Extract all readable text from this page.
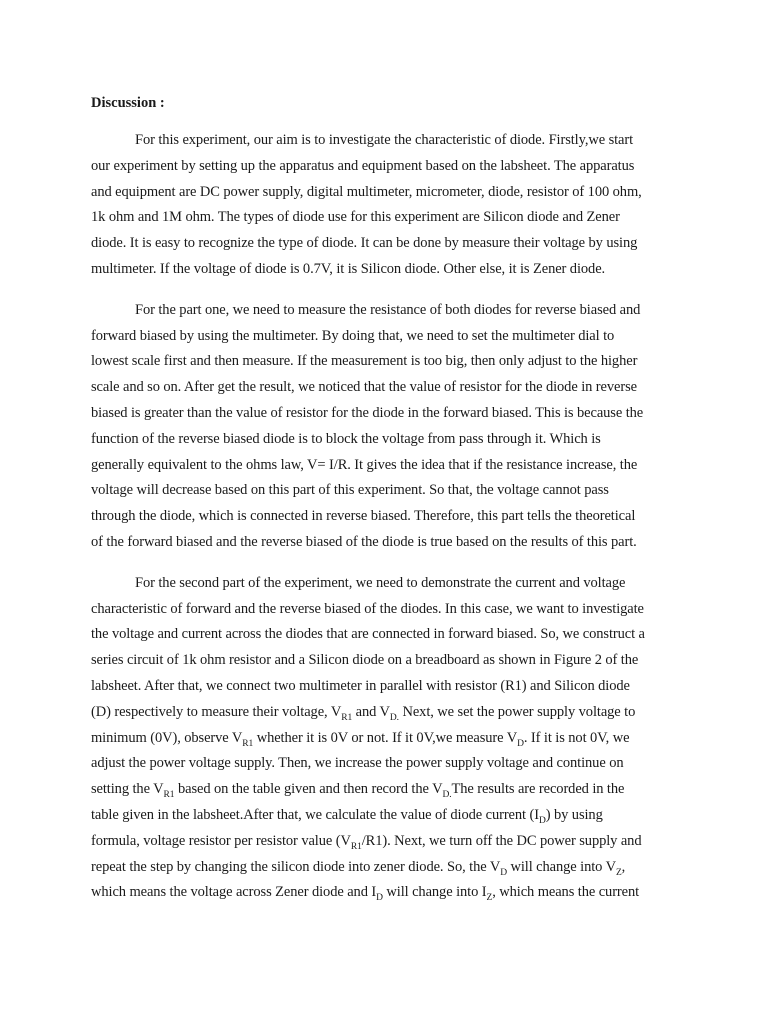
Discussion :
For this experiment, our aim is to investigate the characteristic of diode. Firstly,we start
our experiment by setting up the apparatus and equipment based on the labsheet. The apparatus
and equipment are DC power supply, digital multimeter, micrometer, diode, resistor of 100 ohm,
1k ohm and 1M ohm. The types of diode use for this experiment are Silicon diode and Zener
diode. It is easy to recognize the type of diode. It can be done by measure their voltage by using
multimeter. If the voltage of diode is 0.7V, it is Silicon diode. Other else, it is Zener diode.
For the part one, we need to measure the resistance of both diodes for reverse biased and
forward biased by using the multimeter. By doing that, we need to set the multimeter dial to
lowest scale first and then measure. If the measurement is too big, then only adjust to the higher
scale and so on. After get the result, we noticed that the value of resistor for the diode in reverse
biased is greater than the value of resistor for the diode in the forward biased. This is because the
function of the reverse biased diode is to block the voltage from pass through it. Which is
generally equivalent to the ohms law, V= I/R. It gives the idea that if the resistance increase, the
voltage will decrease based on this part of this experiment. So that, the voltage cannot pass
through the diode, which is connected in reverse biased. Therefore, this part tells the theoretical
of the forward biased and the reverse biased of the diode is true based on the results of this part.
For the second part of the experiment, we need to demonstrate the current and voltage
characteristic of forward and the reverse biased of the diodes. In this case, we want to investigate
the voltage and current across the diodes that are connected in forward biased. So, we construct a
series circuit of 1k ohm resistor and a Silicon diode on a breadboard as shown in Figure 2 of the
labsheet. After that, we connect two multimeter in parallel with resistor (R1) and Silicon diode
(D) respectively to measure their voltage, $V_{R1}$ and $V_{D.}$ Next, we set the power supply voltage to
minimum (0V), observe $V_{R1}$ whether it is 0V or not. If it 0V,we measure $V_D$. If it is not 0V, we
adjust the power voltage supply. Then, we increase the power supply voltage and continue on
setting the $V_{R1}$ based on the table given and then record the $V_{D.}The$ results are recorded in the
table given in the labsheet.After that, we calculate the value of diode current $(I_D)$ by using
formula, voltage resistor per resistor value $(V_{R1}/R1)$. Next, we turn off the DC power supply and
repeat the step by changing the silicon diode into zener diode. So, the $V_D$ will change into $V_Z$,
which means the voltage across Zener diode and $I_D$ will change into $I_Z$, which means the current
